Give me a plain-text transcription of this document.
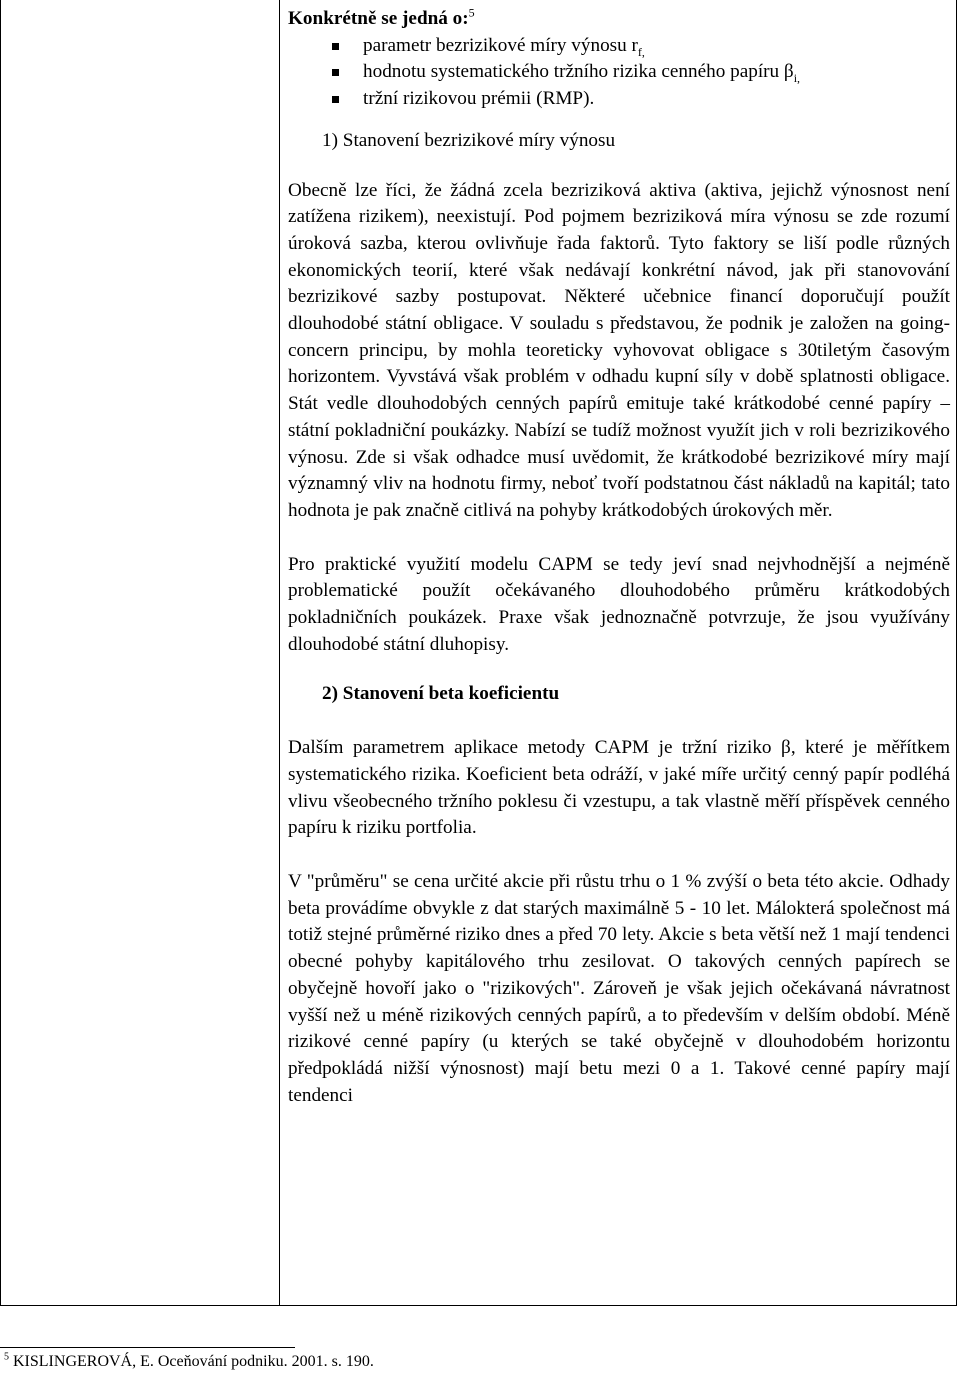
Konkrétně se jedná o:$^5$

parametr bezrizikové míry výnosu $r_{f,}$
hodnotu systematického tržního rizika cenného papíru $\beta_{i,}$
tržní rizikovou prémii (RMP).

1) Stanovení bezrizikové míry výnosu

Obecně lze říci, že žádná zcela bezriziková aktiva (aktiva, jejichž výnosnost není zatížena rizikem), neexistují. Pod pojmem bezriziková míra výnosu se zde rozumí úroková sazba, kterou ovlivňuje řada faktorů. Tyto faktory se liší podle různých ekonomických teorií, které však nedávají konkrétní návod, jak při stanovování bezrizikové sazby postupovat. Některé učebnice financí doporučují použít dlouhodobé státní obligace. V souladu s představou, že podnik je založen na going-concern principu, by mohla teoreticky vyhovovat obligace s 30tiletým časovým horizontem. Vyvstává však problém v odhadu kupní síly v době splatnosti obligace. Stát vedle dlouhodobých cenných papírů emituje také krátkodobé cenné papíry – státní pokladniční poukázky. Nabízí se tudíž možnost využít jich v roli bezrizikového výnosu. Zde si však odhadce musí uvědomit, že krátkodobé bezrizikové míry mají významný vliv na hodnotu firmy, neboť tvoří podstatnou část nákladů na kapitál; tato hodnota je pak značně citlivá na pohyby krátkodobých úrokových měr.

Pro praktické využití modelu CAPM se tedy jeví snad nejvhodnější a nejméně problematické použít očekávaného dlouhodobého průměru krátkodobých pokladničních poukázek. Praxe však jednoznačně potvrzuje, že jsou využívány dlouhodobé státní dluhopisy.

2) Stanovení beta koeficientu

Dalším parametrem aplikace metody CAPM je tržní riziko β, které je měřítkem systematického rizika. Koeficient beta odráží, v jaké míře určitý cenný papír podléhá vlivu všeobecného tržního poklesu či vzestupu, a tak vlastně měří příspěvek cenného papíru k riziku portfolia.

V "průměru" se cena určité akcie při růstu trhu o 1 % zvýší o beta této akcie. Odhady beta provádíme obvykle z dat starých maximálně 5 - 10 let. Málokterá společnost má totiž stejné průměrné riziko dnes a před 70 lety. Akcie s beta větší než 1 mají tendenci obecné pohyby kapitálového trhu zesilovat. O takových cenných papírech se obyčejně hovoří jako o "rizikových". Zároveň je však jejich očekávaná návratnost vyšší než u méně rizikových cenných papírů, a to především v delším období. Méně rizikové cenné papíry (u kterých se také obyčejně v dlouhodobém horizontu předpokládá nižší výnosnost) mají betu mezi 0 a 1. Takové cenné papíry mají tendenci

$^5$ KISLINGEROVÁ, E. Oceňování podniku. 2001. s. 190.
